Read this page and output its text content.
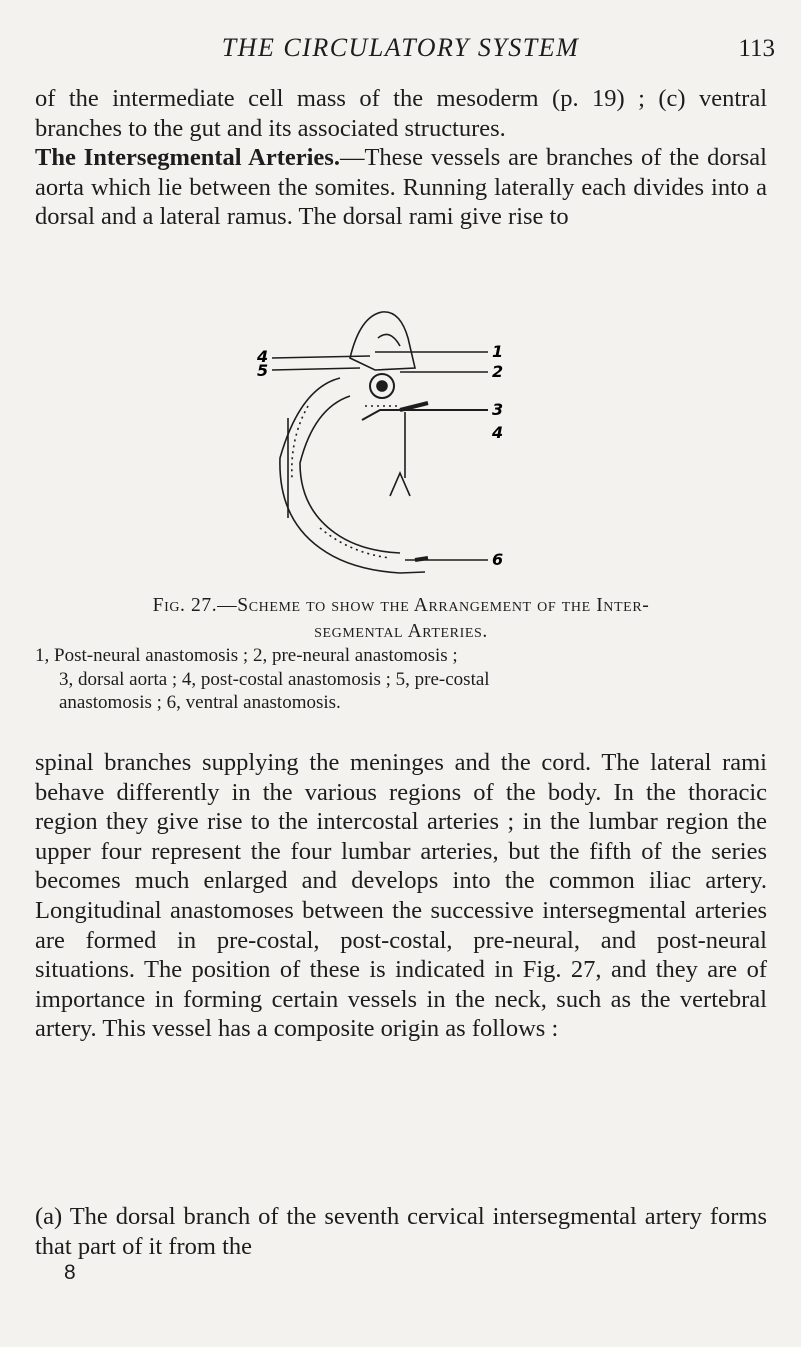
THE CIRCULATORY SYSTEM	113

of the intermediate cell mass of the mesoderm (p. 19) ; (c) ventral branches to the gut and its associated structures.

The Intersegmental Arteries.—These vessels are branches of the dorsal aorta which lie between the somites. Running laterally each divides into a dorsal and a lateral ramus. The dorsal rami give rise to

1
2
3
4
6
4
5
Fig. 27.—Scheme to show the Arrangement of the Inter-
segmental Arteries.
1, Post-neural anastomosis ; 2, pre-neural anastomosis ;
3, dorsal aorta ; 4, post-costal anastomosis ; 5, pre-costal
anastomosis ; 6, ventral anastomosis.

spinal branches supplying the meninges and the cord. The lateral rami behave differently in the various regions of the body. In the thoracic region they give rise to the intercostal arteries ; in the lumbar region the upper four represent the four lumbar arteries, but the fifth of the series becomes much enlarged and develops into the common iliac artery. Longitudinal anastomoses between the successive intersegmental arteries are formed in pre-costal, post-costal, pre-neural, and post-neural situations. The position of these is indicated in Fig. 27, and they are of importance in forming certain vessels in the neck, such as the vertebral artery. This vessel has a composite origin as follows :

(a) The dorsal branch of the seventh cervical intersegmental artery forms that part of it from the

8
